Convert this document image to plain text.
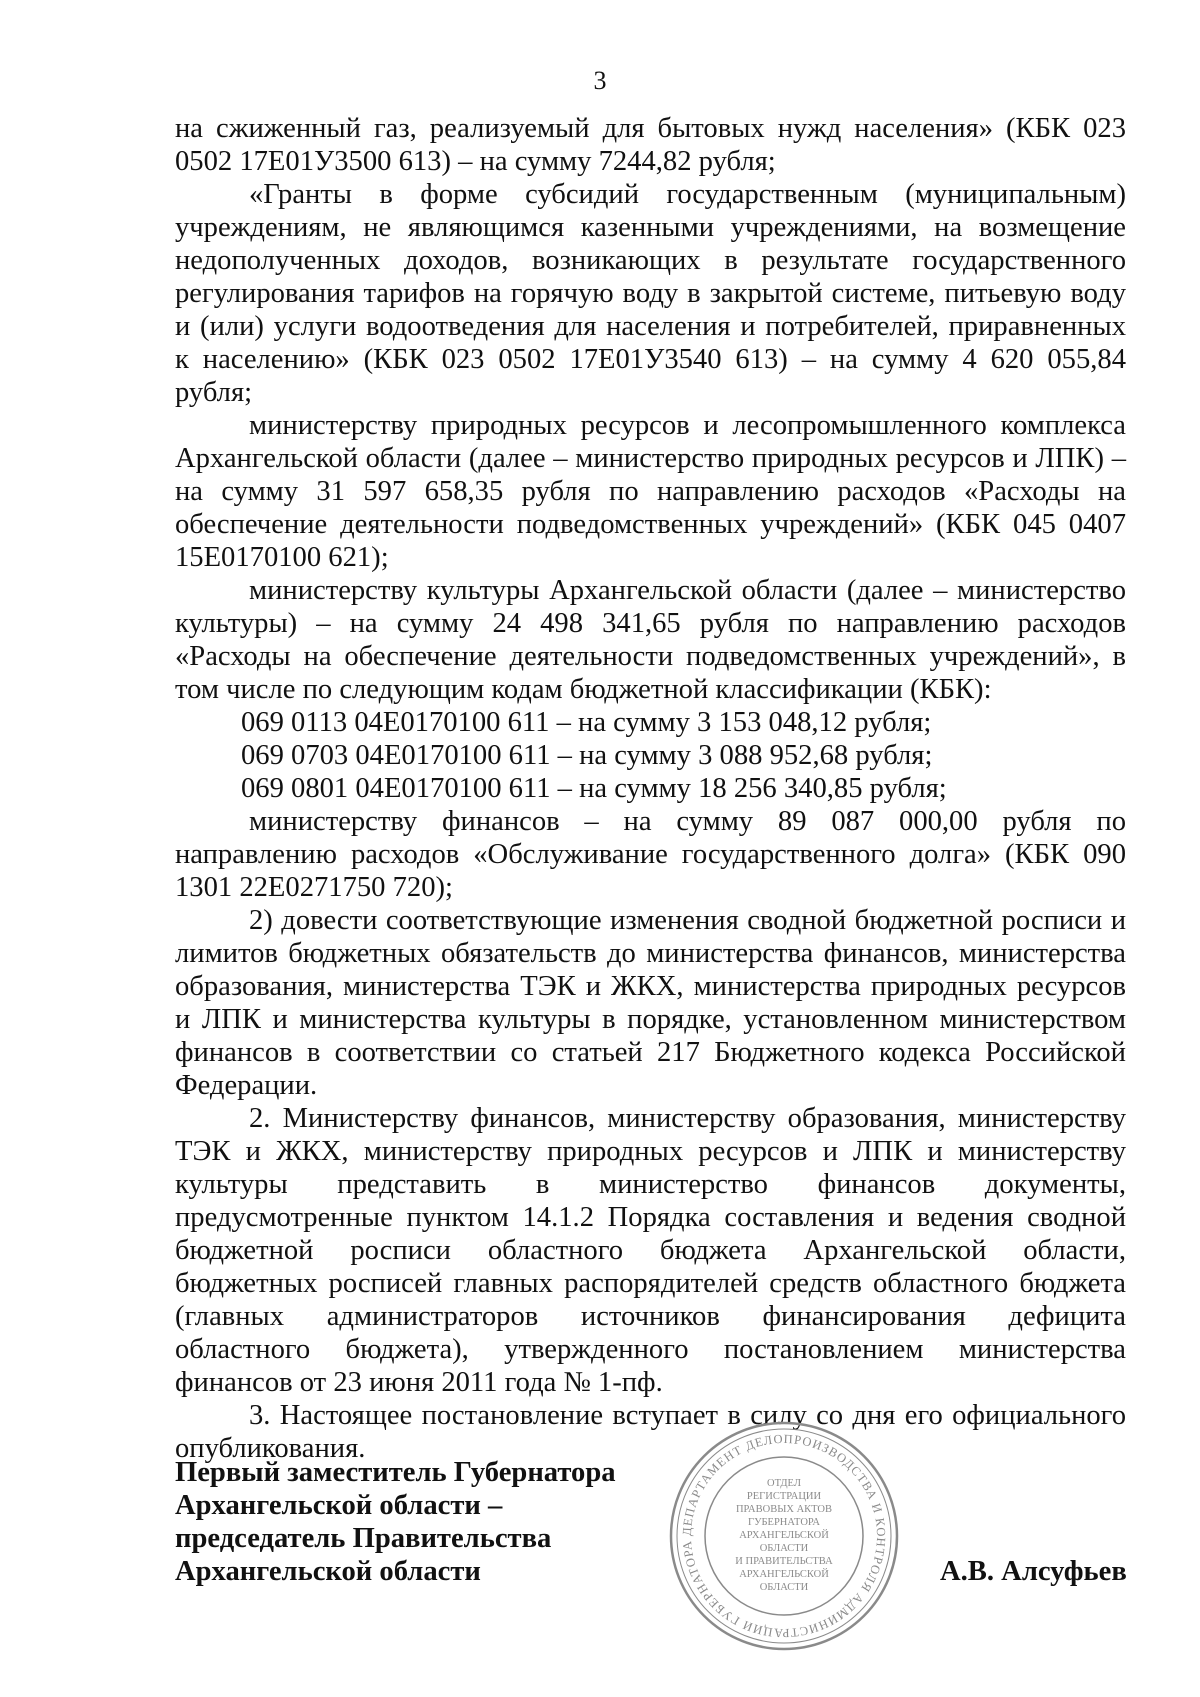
3

на сжиженный газ, реализуемый для бытовых нужд населения» (КБК 023 0502 17Е01У3500 613) – на сумму 7244,82 рубля;

«Гранты в форме субсидий государственным (муниципальным) учреждениям, не являющимся казенными учреждениями, на возмещение недополученных доходов, возникающих в результате государственного регулирования тарифов на горячую воду в закрытой системе, питьевую воду и (или) услуги водоотведения для населения и потребителей, приравненных к населению» (КБК 023 0502 17Е01У3540 613) – на сумму 4 620 055,84 рубля;

министерству природных ресурсов и лесопромышленного комплекса Архангельской области (далее – министерство природных ресурсов и ЛПК) – на сумму 31 597 658,35 рубля по направлению расходов «Расходы на обеспечение деятельности подведомственных учреждений» (КБК 045 0407 15Е0170100 621);

министерству культуры Архангельской области (далее – министерство культуры) – на сумму 24 498 341,65 рубля по направлению расходов «Расходы на обеспечение деятельности подведомственных учреждений», в том числе по следующим кодам бюджетной классификации (КБК):

069 0113 04Е0170100 611 – на сумму 3 153 048,12 рубля;

069 0703 04Е0170100 611 – на сумму 3 088 952,68 рубля;

069 0801 04Е0170100 611 – на сумму 18 256 340,85 рубля;

министерству финансов – на сумму 89 087 000,00 рубля по направлению расходов «Обслуживание государственного долга» (КБК 090 1301 22Е0271750 720);

2) довести соответствующие изменения сводной бюджетной росписи и лимитов бюджетных обязательств до министерства финансов, министерства образования, министерства ТЭК и ЖКХ, министерства природных ресурсов и ЛПК и министерства культуры в порядке, установленном министерством финансов в соответствии со статьей 217 Бюджетного кодекса Российской Федерации.

2. Министерству финансов, министерству образования, министерству ТЭК и ЖКХ, министерству природных ресурсов и ЛПК и министерству культуры представить в министерство финансов документы, предусмотренные пунктом 14.1.2 Порядка составления и ведения сводной бюджетной росписи областного бюджета Архангельской области, бюджетных росписей главных распорядителей средств областного бюджета (главных администраторов источников финансирования дефицита областного бюджета), утвержденного постановлением министерства финансов от 23 июня 2011 года № 1-пф.

3. Настоящее постановление вступает в силу со дня его официального опубликования.

Первый заместитель Губернатора
Архангельской области –
председатель Правительства
Архангельской области
ДЕПАРТАМЕНТ ДЕЛОПРОИЗВОДСТВА И КОНТРОЛЯ АДМИНИСТРАЦИИ ГУБЕРНАТОРА
ОТДЕЛ
РЕГИСТРАЦИИ
ПРАВОВЫХ АКТОВ
ГУБЕРНАТОРА
АРХАНГЕЛЬСКОЙ
ОБЛАСТИ
И ПРАВИТЕЛЬСТВА
АРХАНГЕЛЬСКОЙ
ОБЛАСТИ
А.В. Алсуфьев
